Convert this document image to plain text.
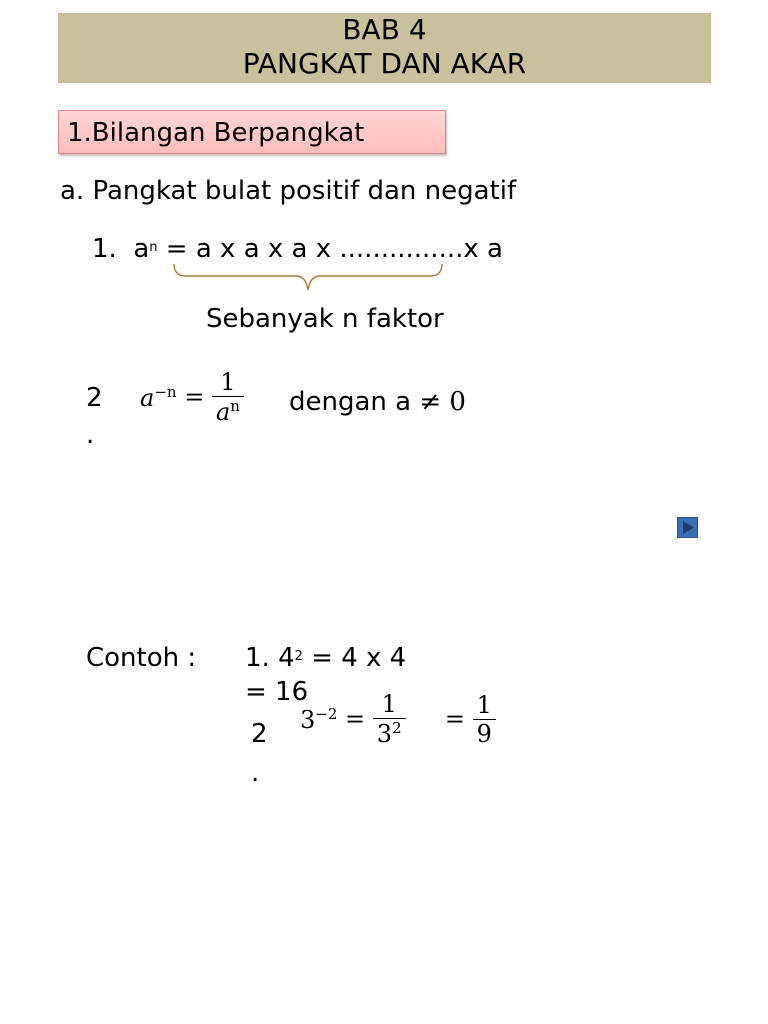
BAB 4
PANGKAT DAN AKAR
1.Bilangan Berpangkat
a. Pangkat bulat positif dan negatif
1. $a^n = a$ x a x a x ...............x a
Sebanyak n faktor
2
.
$a^{-n} = \frac{1}{a^n}$ dengan a ≠ 0
Contoh : 1. $4^2 = 4$ x 4
= 16
2
.
$3^{-2} = \frac{1}{3^2} = \frac{1}{9}$
